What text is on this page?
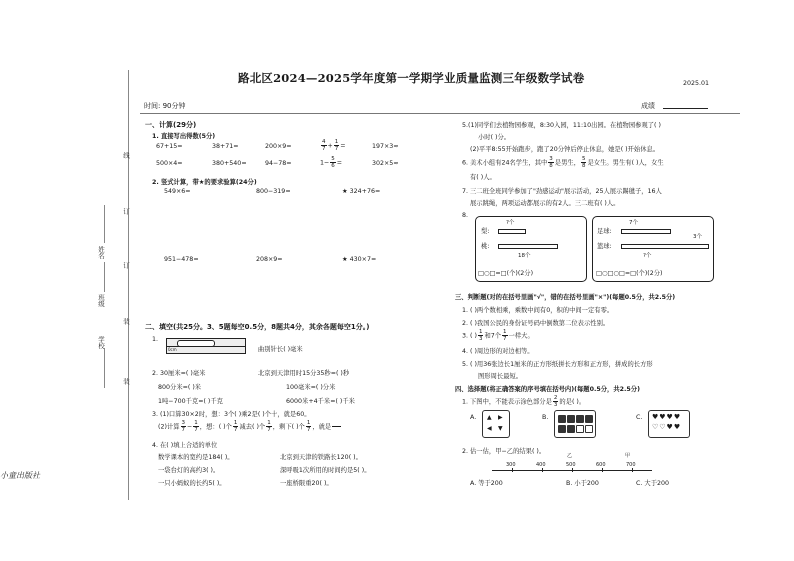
路北区2024—2025学年度第一学期学业质量监测三年级数学试卷	2025.01
时间: 90分钟	成绩
线
订
订
装
装
姓名
班级
学校
小童出版社
一、计算(29分)
1. 直接写出得数(5分)
67+15=	38+71=	200×9=	$\frac{4}{7} + \frac{1}{7}$ =	197×3≈
500×4=	380+540=	94−78=	$1- \frac{5}{6}$ =	302×5≈
2. 竖式计算，带★的要求验算(24分)
549×6=	800−319=	★ 324+76=
951−478=	208×9=	★ 430×7=
二、填空(共25分。3、5题每空0.5分，8题共4分，其余各题每空1分。)
1.
0cm	曲别针长( )毫米
2. 30厘米=( )毫米	北京到天津用时15分35秒=( )秒
800分米=( )米	100毫米=( )分米
1吨−700千克=( )千克	6000米+4千米=( )千米
3. (1)口算30×2时，想：3个( )乘2是( )个十，就是60。
(2)计算 $\frac{3}{7} - \frac{1}{7}$ ，想：( )个 $\frac{1}{7}$ 减去( )个 $\frac{1}{7}$ ，剩下( )个 $\frac{1}{7}$ ，就是

4. 在( )填上合适的单位
数学课本的宽约是184( )。	北京到天津的铁路长120( )。
一袋台灯的高约3( )。	深呼吸1次所用的时间约是5( )。
一只小蚂蚁的长约5( )。	一座桥限重20( )。
5.(1)同学们去植物园参观，8:30入园，11:10出园。在植物园参观了( )
小时( )分。
(2)平平8:55开始跑步，跑了20分钟后停止休息，她是( )开始休息。
6. 美术小组有24名学生，其中 $\frac{3}{8}$ 是男生， $\frac{5}{8}$ 是女生。男生有( )人，女生
有( )人。
7. 三二班全班同学参加了"劲感运动"展示活动，25人展示踢毽子，16人
展示跳绳，两项运动都展示的有2人。三二班有( )人。
8.
梨:
桃:
?个
18个
□○□=□(个)(2分)
足球:
篮球:
7个
3个
?个
□○□○□=□(个)(2分)
三、判断题(对的在括号里画"√"，错的在括号里画"×")(每题0.5分，共2.5分)
1. ( )两个数相乘，乘数中间有0，积的中间一定有零。
2. ( )我国公民的身份证号码中倒数第二位表示性别。
3. ( ) $\frac{1}{3}$ 和7个 $\frac{1}{7}$ 一样大。
4. ( )周边形的对边相等。
5. ( )用36张边长1厘米的正方形纸拼长方形和正方形，拼成的长方形
图形周长最短。
四、选择题(将正确答案的序号填在括号内)(每题0.5分，共2.5分)
1. 下图中，不能表示涂色部分是 $\frac{2}{3}$ 的是( )。
A. ▲ ▶
◀ ▼
B.	C. ♥♥♥♥
♡♡♥♥
2. 估一估，甲−乙的结果( )。
300	400	500	600	700
甲
乙
A. 等于200	B. 小于200	C. 大于200
